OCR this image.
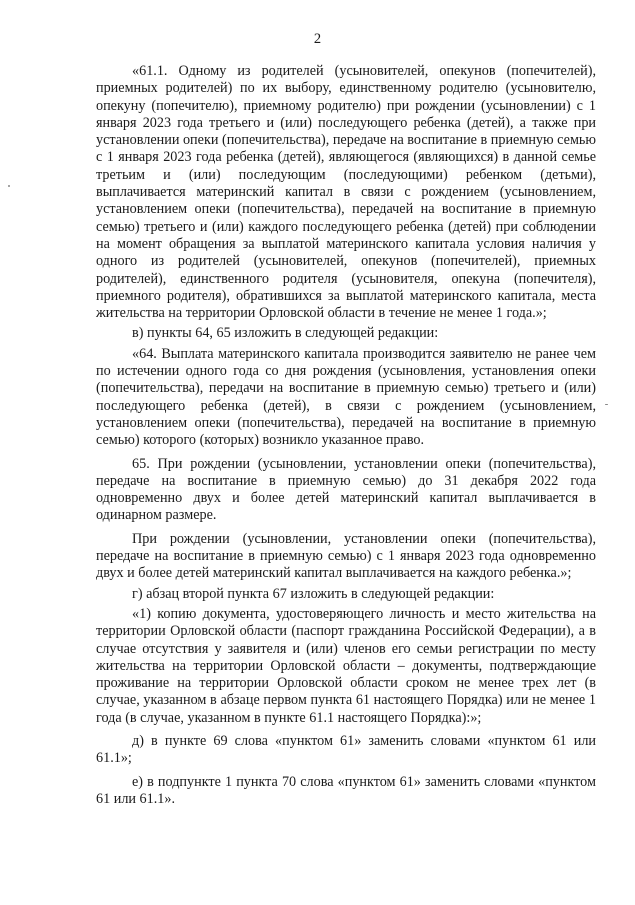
2

«61.1. Одному из родителей (усыновителей, опекунов (попечителей), приемных родителей) по их выбору, единственному родителю (усыновителю, опекуну (попечителю), приемному родителю) при рождении (усыновлении) с 1 января 2023 года третьего и (или) последующего ребенка (детей), а также при установлении опеки (попечительства), передаче на воспитание в приемную семью с 1 января 2023 года ребенка (детей), являющегося (являющихся) в данной семье третьим и (или) последующим (последующими) ребенком (детьми), выплачивается материнский капитал в связи с рождением (усыновлением, установлением опеки (попечительства), передачей на воспитание в приемную семью) третьего и (или) каждого последующего ребенка (детей) при соблюдении на момент обращения за выплатой материнского капитала условия наличия у одного из родителей (усыновителей, опекунов (попечителей), приемных родителей), единственного родителя (усыновителя, опекуна (попечителя), приемного родителя), обратившихся за выплатой материнского капитала, места жительства на территории Орловской области в течение не менее 1 года.»;

в) пункты 64, 65 изложить в следующей редакции:

«64. Выплата материнского капитала производится заявителю не ранее чем по истечении одного года со дня рождения (усыновления, установления опеки (попечительства), передачи на воспитание в приемную семью) третьего и (или) последующего ребенка (детей), в связи с рождением (усыновлением, установлением опеки (попечительства), передачей на воспитание в приемную семью) которого (которых) возникло указанное право.

65. При рождении (усыновлении, установлении опеки (попечительства), передаче на воспитание в приемную семью) до 31 декабря 2022 года одновременно двух и более детей материнский капитал выплачивается в одинарном размере.

При рождении (усыновлении, установлении опеки (попечительства), передаче на воспитание в приемную семью) с 1 января 2023 года одновременно двух и более детей материнский капитал выплачивается на каждого ребенка.»;

г) абзац второй пункта 67 изложить в следующей редакции:

«1) копию документа, удостоверяющего личность и место жительства на территории Орловской области (паспорт гражданина Российской Федерации), а в случае отсутствия у заявителя и (или) членов его семьи регистрации по месту жительства на территории Орловской области – документы, подтверждающие проживание на территории Орловской области сроком не менее трех лет (в случае, указанном в абзаце первом пункта 61 настоящего Порядка) или не менее 1 года (в случае, указанном в пункте 61.1 настоящего Порядка):»;

д) в пункте 69 слова «пунктом 61» заменить словами «пунктом 61 или 61.1»;

е) в подпункте 1 пункта 70 слова «пунктом 61» заменить словами «пунктом 61 или 61.1».
